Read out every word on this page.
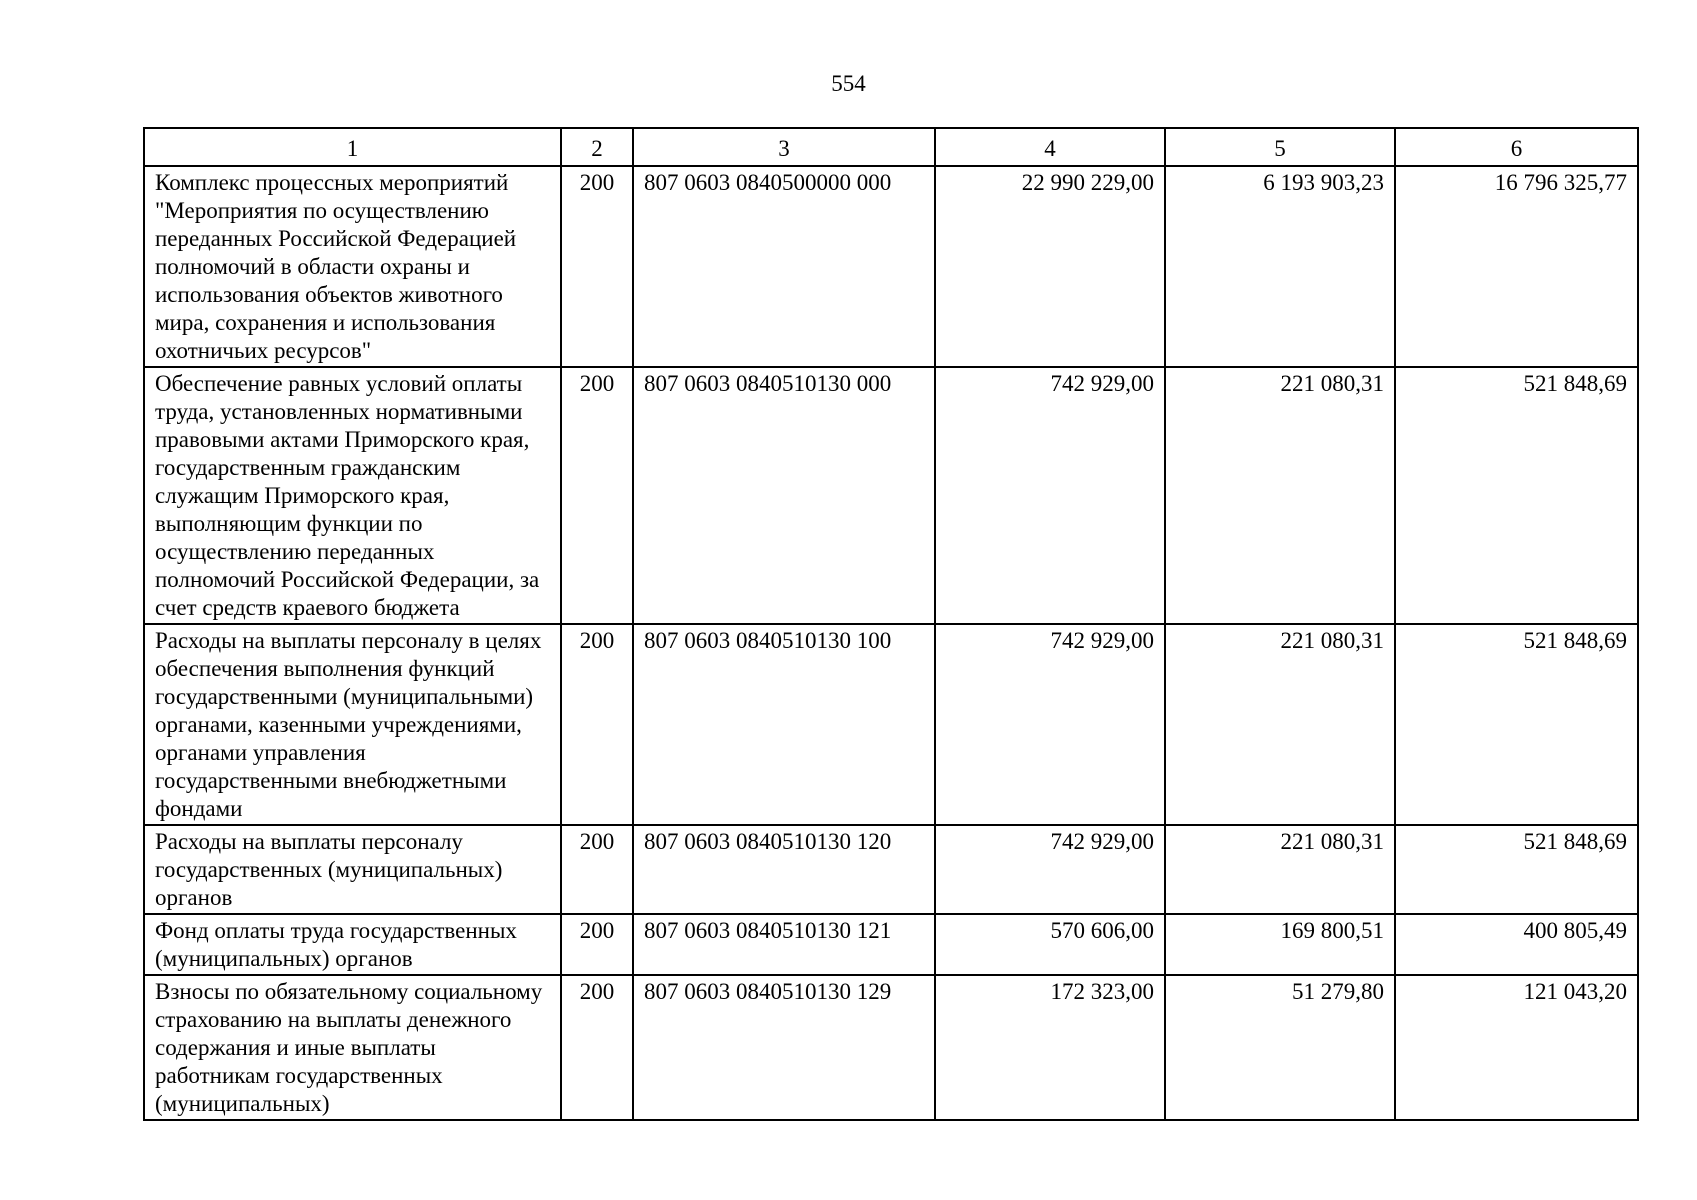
554
1	2	3	4	5	6
Комплекс процессных мероприятий "Мероприятия по осуществлению переданных Российской Федерацией полномочий в области охраны и использования объектов животного мира, сохранения и использования охотничьих ресурсов"	200	807 0603 0840500000 000	22 990 229,00	6 193 903,23	16 796 325,77
Обеспечение равных условий оплаты труда, установленных нормативными правовыми актами Приморского края, государственным гражданским служащим Приморского края, выполняющим функции по осуществлению переданных полномочий Российской Федерации, за счет средств краевого бюджета	200	807 0603 0840510130 000	742 929,00	221 080,31	521 848,69
Расходы на выплаты персоналу в целях обеспечения выполнения функций государственными (муниципальными) органами, казенными учреждениями, органами управления государственными внебюджетными фондами	200	807 0603 0840510130 100	742 929,00	221 080,31	521 848,69
Расходы на выплаты персоналу государственных (муниципальных) органов	200	807 0603 0840510130 120	742 929,00	221 080,31	521 848,69
Фонд оплаты труда государственных (муниципальных) органов	200	807 0603 0840510130 121	570 606,00	169 800,51	400 805,49
Взносы по обязательному социальному страхованию на выплаты денежного содержания и иные выплаты работникам государственных (муниципальных)	200	807 0603 0840510130 129	172 323,00	51 279,80	121 043,20
